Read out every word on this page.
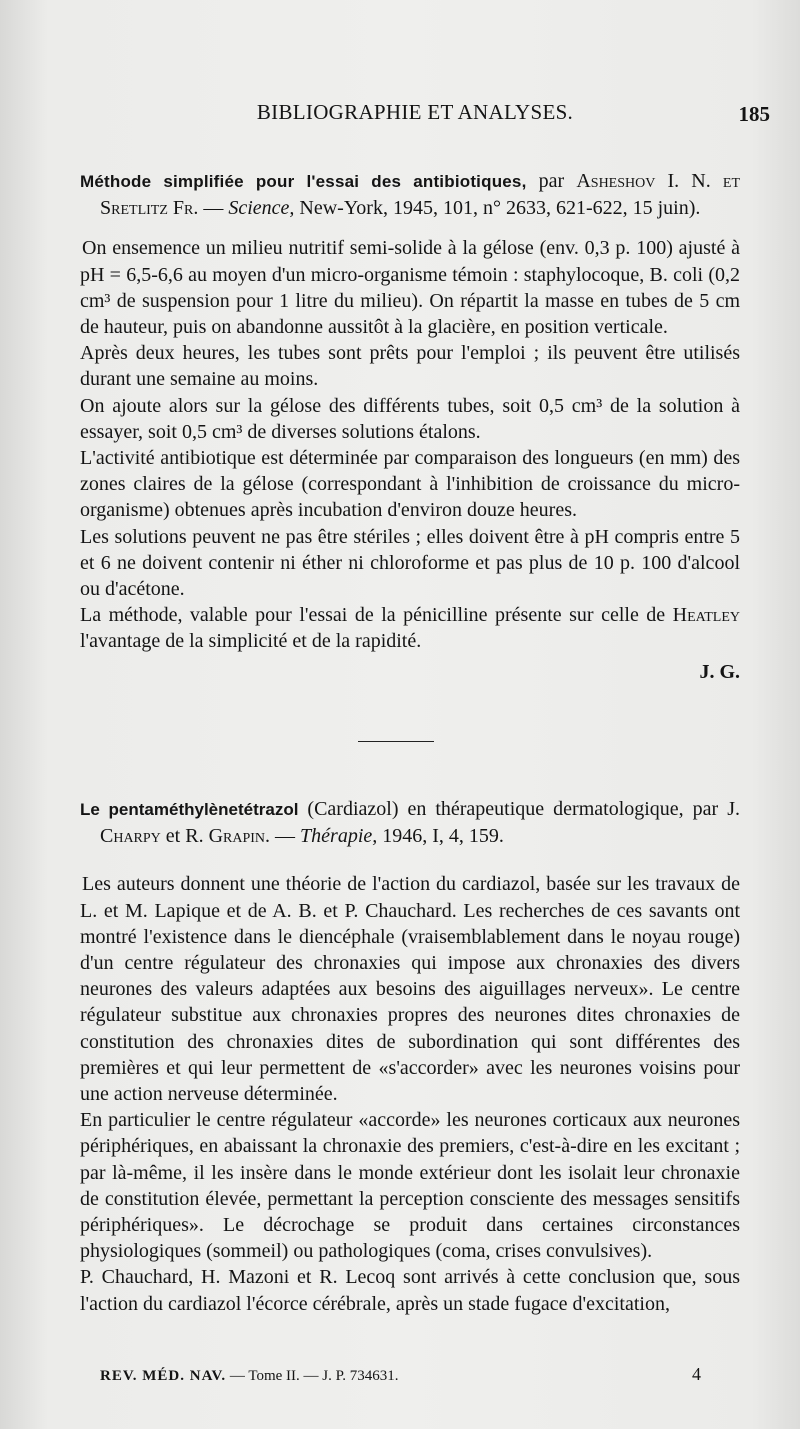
BIBLIOGRAPHIE ET ANALYSES.	185

Méthode simplifiée pour l'essai des antibiotiques, par Asheshov I. N. et Sretlitz Fr. — Science, New-York, 1945, 101, n° 2633, 621-622, 15 juin).

On ensemence un milieu nutritif semi-solide à la gélose (env. 0,3 p. 100) ajusté à pH = 6,5-6,6 au moyen d'un micro-organisme témoin : staphylocoque, B. coli (0,2 cm³ de suspension pour 1 litre du milieu). On répartit la masse en tubes de 5 cm de hauteur, puis on abandonne aussitôt à la glacière, en position verticale.

Après deux heures, les tubes sont prêts pour l'emploi ; ils peuvent être utilisés durant une semaine au moins.

On ajoute alors sur la gélose des différents tubes, soit 0,5 cm³ de la solution à essayer, soit 0,5 cm³ de diverses solutions étalons.

L'activité antibiotique est déterminée par comparaison des longueurs (en mm) des zones claires de la gélose (correspondant à l'inhibition de croissance du micro-organisme) obtenues après incubation d'environ douze heures.

Les solutions peuvent ne pas être stériles ; elles doivent être à pH compris entre 5 et 6 ne doivent contenir ni éther ni chloroforme et pas plus de 10 p. 100 d'alcool ou d'acétone.

La méthode, valable pour l'essai de la pénicilline présente sur celle de Heatley l'avantage de la simplicité et de la rapidité.

J. G.

Le pentaméthylènetétrazol (Cardiazol) en thérapeutique dermatologique, par J. Charpy et R. Grapin. — Thérapie, 1946, I, 4, 159.

Les auteurs donnent une théorie de l'action du cardiazol, basée sur les travaux de L. et M. Lapique et de A. B. et P. Chauchard. Les recherches de ces savants ont montré l'existence dans le diencéphale (vraisemblablement dans le noyau rouge) d'un centre régulateur des chronaxies qui impose aux chronaxies des divers neurones des valeurs adaptées aux besoins des aiguillages nerveux». Le centre régulateur substitue aux chronaxies propres des neurones dites chronaxies de constitution des chronaxies dites de subordination qui sont différentes des premières et qui leur permettent de «s'accorder» avec les neurones voisins pour une action nerveuse déterminée.

En particulier le centre régulateur «accorde» les neurones corticaux aux neurones périphériques, en abaissant la chronaxie des premiers, c'est-à-dire en les excitant ; par là-même, il les insère dans le monde extérieur dont les isolait leur chronaxie de constitution élevée, permettant la perception consciente des messages sensitifs périphériques». Le décrochage se produit dans certaines circonstances physiologiques (sommeil) ou pathologiques (coma, crises convulsives).

P. Chauchard, H. Mazoni et R. Lecoq sont arrivés à cette conclusion que, sous l'action du cardiazol l'écorce cérébrale, après un stade fugace d'excitation,

REV. MÉD. NAV. — Tome II. — J. P. 734631.	4
